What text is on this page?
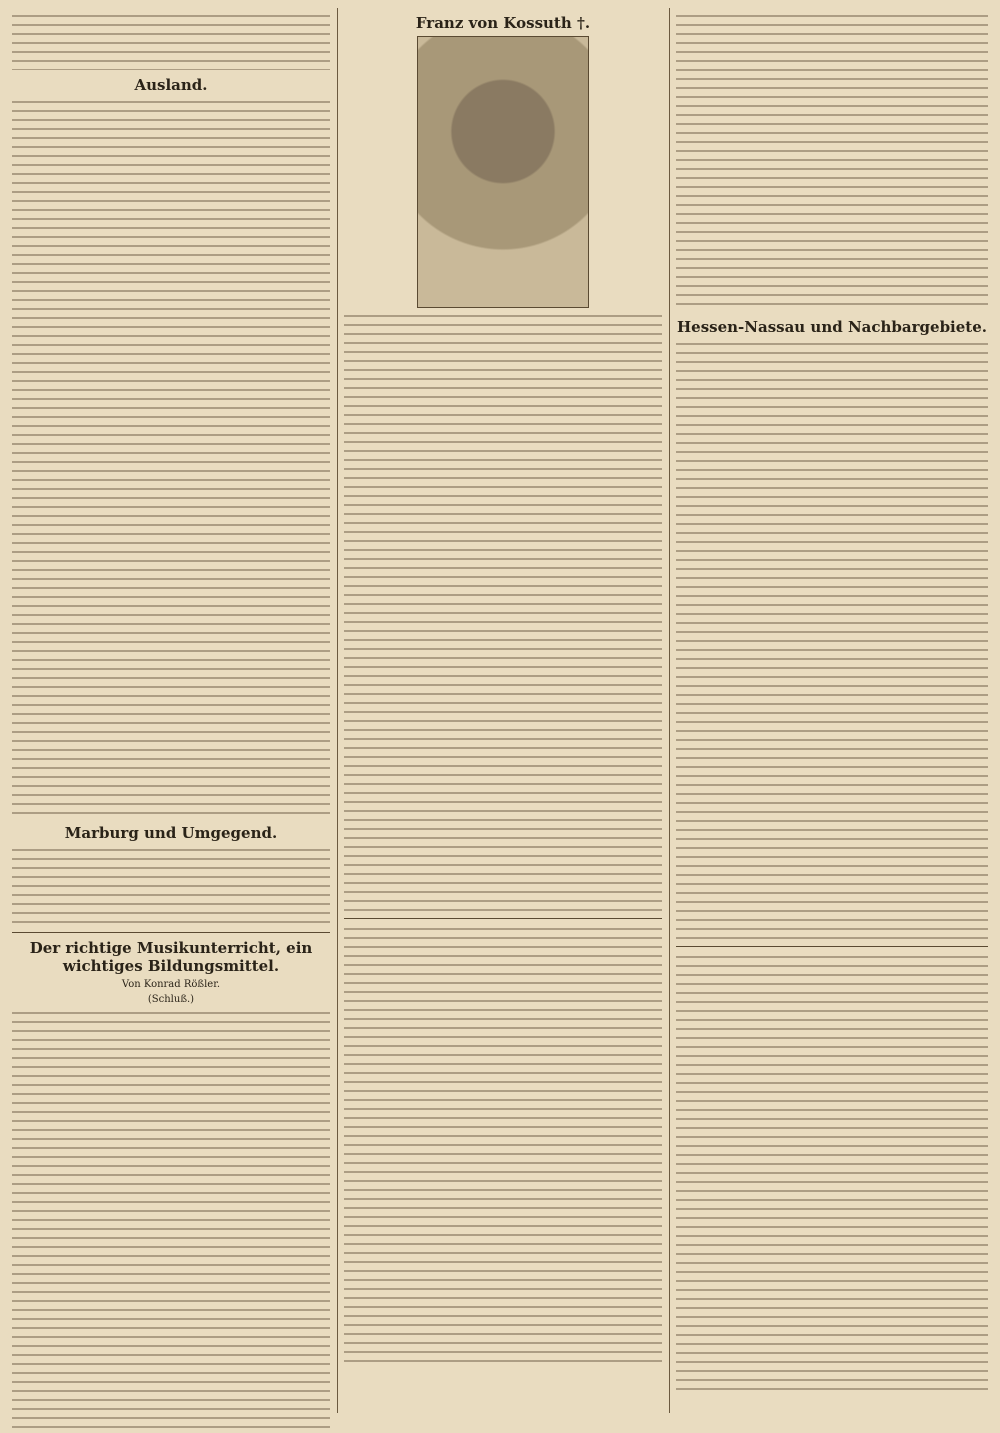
Ausland.
Marburg und Umgegend.
Der richtige Musikunterricht, ein wichtiges Bildungsmittel.
Von Konrad Rößler.
(Schluß.)
Franz von Kossuth †.
Hessen-Nassau und Nachbargebiete.
